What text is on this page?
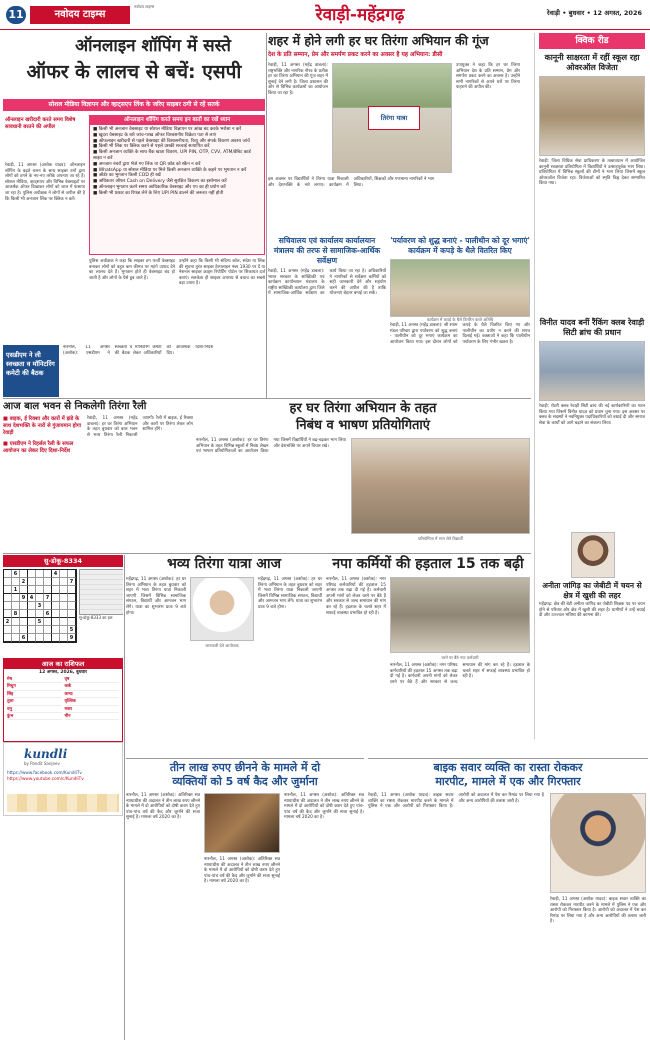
11	नवोदय टाइम्स
नवोदय टाइम्स	रेवाड़ी-महेंद्रगढ़	रेवाड़ी • बुधवार • 12 अगस्त, 2026
ऑनलाइन शॉपिंग में सस्ते
ऑफर के लालच से बचें: एसपी
सोशल मीडिया विज्ञापन और व्हाट्सएप लिंक के जरिए साइबर ठगी से रहें सतर्क
ऑनलाइन खरीदारी करते समय विशेष सावधानी बरतने की अपील
रेवाड़ी, 11 अगस्त (अशोक यादव): ऑनलाइन शॉपिंग के बढ़ते चलन के साथ साइबर ठगों द्वारा लोगों को ठगने के नए-नए तरीके अपनाए जा रहे हैं। सोशल मीडिया, व्हाट्सएप और विभिन्न वेबसाइटों पर आकर्षक ऑफर दिखाकर लोगों को जाल में फंसाया जा रहा है। पुलिस अधीक्षक ने लोगों से अपील की है कि किसी भी अनजान लिंक पर क्लिक न करें।
ऑनलाइन शॉपिंग करते समय इन बातों का रखें ध्यान
■ किसी भी अनजान वेबसाइट या सोशल मीडिया विज्ञापन पर आंख बंद करके भरोसा न करें
■ खुदरा वेबसाइट के बारे जांच-परख ऑफर विश्वसनीय विक्रेता पता से लाएं
■ ऑफलाइन खरीदारी से पहले वेबसाइट की विश्वसनीयता, रिव्यू और संपर्क विवरण अवश्य जांचें
■ किसी भी लिंक पर क्लिक करने से पहले उसकी सच्चाई सत्यापित करें
■ किसी अनजान व्यक्ति के साथ बैंक खाता विवरण, UPI PIN, OTP, CVV, ATM/डेबिट कार्ड साझा न करें
■ अनजान नंबरों द्वारा भेजे गए लिंक या QR कोड को स्कैन न करें
■ WhatsApp या सोशल मीडिया पर मिले किसी अनजान व्यक्ति के कहने पर भुगतान न करें
■ ऑर्डर का भुगतान किसी COD ही रखें
■ अधिकतर ऑफर Cash on Delivery जैसे सुरक्षित विकल्प का इस्तेमाल करें
■ ऑनलाइन भुगतान करने समय आधिकारिक वेबसाइट और एप का ही प्रयोग करें
■ किसी भी प्रकार का रिफंड लेने के लिए UPI PIN डालने की जरूरत नहीं होती
पुलिस अधीक्षक ने कहा कि साइबर ठग फर्जी वेबसाइट बनाकर लोगों को बहुत कम कीमत पर महंगे उत्पाद देने का लालच देते हैं। भुगतान होते ही वेबसाइट बंद हो जाती है और लोगों के पैसे डूब जाते हैं।
उन्होंने कहा कि किसी भी संदिग्ध कॉल, संदेश या लिंक की सूचना तुरंत साइबर हेल्पलाइन नंबर 1930 पर दें या नेशनल साइबर क्राइम रिपोर्टिंग पोर्टल पर शिकायत दर्ज कराएं। सतर्कता ही साइबर अपराध से बचाव का सबसे बड़ा उपाय है।
एसडीएम ने ली स्वच्छता व मॉनिटरिंग कमेटी की बैठक
नारनौल, 11 अगस्त (अशोक): एसडीएम ने स्वच्छता व मॉनिटरिंग कमेटी की बैठक लेकर अधिकारियों को आवश्यक दिशा-निर्देश दिए।
शहर में होने लगी हर घर तिरंगा अभियान की गूंज
देश के प्रति सम्मान, प्रेम और समर्पण प्रकट करने का अवसर है यह अभियान: डीसी
रेवाड़ी, 11 अगस्त (महेंद्र डाबला): राष्ट्रभक्ति और नागरिक गौरव के प्रतीक हर घर तिरंगा अभियान की गूंज शहर में सुनाई देने लगी है। जिला प्रशासन की ओर से विभिन्न कार्यक्रमों का आयोजन किया जा रहा है।
तिरंगा यात्रा
उपायुक्त ने कहा कि हर घर तिरंगा अभियान देश के प्रति सम्मान, प्रेम और समर्पण प्रकट करने का अवसर है। उन्होंने सभी नागरिकों से अपने घरों पर तिरंगा फहराने की अपील की।
इस अवसर पर विद्यार्थियों ने तिरंगा यात्रा निकाली और देशभक्ति के नारे लगाए। कार्यक्रम में अधिकारियों, शिक्षकों और गणमान्य नागरिकों ने भाग लिया।
सचिवालय एवं कार्यालय कार्यालयान मंत्रालय की तरफ से सामाजिक-आर्थिक सर्वेक्षण
रेवाड़ी, 11 अगस्त (महेंद्र डाबला): भारत सरकार के सांख्यिकी एवं कार्यक्रम कार्यान्वयन मंत्रालय के राष्ट्रीय सांख्यिकी कार्यालय द्वारा जिले में सामाजिक-आर्थिक सर्वेक्षण का कार्य किया जा रहा है। अधिकारियों ने नागरिकों से सर्वेक्षण कर्मियों को सही जानकारी देने और सहयोग करने की अपील की है ताकि योजनाएं बेहतर बनाई जा सकें।
'पर्यावरण को शुद्ध बनाएं - पालीथीन को दूर भगाएं' कार्यक्रम में कपड़े के थैले वितरित किए
कार्यक्रम में कपड़े के थैले वितरित करते अतिथि
रेवाड़ी, 11 अगस्त (महेंद्र डाबला): श्री श्याम मंडल परिवार द्वारा पर्यावरण को शुद्ध बनाएं - पालीथीन को दूर भगाएं कार्यक्रम का आयोजन किया गया। इस दौरान लोगों को कपड़े के थैले वितरित किए गए और पालीथीन का प्रयोग न करने की शपथ दिलाई गई। वक्ताओं ने कहा कि पालीथीन पर्यावरण के लिए गंभीर खतरा है।
क्विक रीड
कानूनी साक्षरता में रहीं स्कूल रहा ओवरऑल विजेता
रेवाड़ी: जिला विधिक सेवा प्राधिकरण के तत्वावधान में आयोजित कानूनी साक्षरता प्रतियोगिता में विद्यार्थियों ने उत्साहपूर्वक भाग लिया। प्रतियोगिता में विभिन्न स्कूलों की टीमों ने भाग लिया जिसमें स्कूल ओवरऑल विजेता रहा। विजेताओं को स्मृति चिह्न देकर सम्मानित किया गया।
विनीत यादव बनीं रैंकिंग क्लब रेवाड़ी सिटी ब्रांच की प्रधान
रेवाड़ी: रोटरी क्लब रेवाड़ी सिटी ब्रांच की नई कार्यकारिणी का गठन किया गया जिसमें विनीत यादव को प्रधान चुना गया। इस अवसर पर क्लब के सदस्यों ने नवनियुक्त पदाधिकारियों को बधाई दी और समाज सेवा के कार्यों को आगे बढ़ाने का संकल्प लिया।
अनीता जांगिड़ का जेबीटी में चयन से क्षेत्र में खुशी की लहर
महेंद्रगढ़: क्षेत्र की बेटी अनीता जांगिड़ का जेबीटी शिक्षक पद पर चयन होने से परिवार और क्षेत्र में खुशी की लहर है। ग्रामीणों ने उन्हें बधाई दी और उज्ज्वल भविष्य की कामना की।
आज बाल भवन से निकलेगी तिरंगा रैली
■ बाइक, ई रिक्शा और कारों में झंडे के साथ देशभक्ति के नारों से गुंजायमान होगा रेवाड़ी
■ एसडीएम ने रिहर्सल रैली के सफल आयोजन का लेकर दिए दिशा-निर्देश
रेवाड़ी, 11 अगस्त (महेंद्र डाबला): हर घर तिरंगा अभियान के तहत बुधवार को बाल भवन से भव्य तिरंगा रैली निकाली जाएगी। रैली में बाइक, ई रिक्शा और कारों पर तिरंगा लेकर लोग शामिल होंगे।
हर घर तिरंगा अभियान के तहत
निबंध व भाषण प्रतियोगिताएं
नारनौल, 11 अगस्त (अशोक): हर घर तिरंगा अभियान के तहत विभिन्न स्कूलों में निबंध लेखन एवं भाषण प्रतियोगिताओं का आयोजन किया गया जिसमें विद्यार्थियों ने बढ़-चढ़कर भाग लिया और देशभक्ति पर अपने विचार रखे।
प्रतियोगिता में भाग लेते विद्यार्थी
सु-डोकू-8334
6	4
2	7
1
9 4	7
3
8	6
2	5
5
6	9
सु-डोकू-8333 का हल
आज का राशिफल
12 अगस्त, 2026, बुधवार
मेष	वृष
मिथुन	कर्क
सिंह	कन्या
तुला	वृश्चिक
धनु	मकर
कुंभ	मीन
kundli
by Pandit Sanjeev
https://www.facebook.com/KundliTv
https://www.youtube.com/c/KundliTv
भव्य तिरंगा यात्रा आज
महेंद्रगढ़, 11 अगस्त (अशोक): हर घर तिरंगा अभियान के तहत बुधवार को शहर में भव्य तिरंगा यात्रा निकाली जाएगी जिसमें विभिन्न सामाजिक संगठन, विद्यार्थी और आमजन भाग लेंगे। यात्रा का शुभारंभ प्रातः 9 बजे होगा।
जानकारी देते आयोजक
महेंद्रगढ़, 11 अगस्त (अशोक): हर घर तिरंगा अभियान के तहत बुधवार को शहर में भव्य तिरंगा यात्रा निकाली जाएगी जिसमें विभिन्न सामाजिक संगठन, विद्यार्थी और आमजन भाग लेंगे। यात्रा का शुभारंभ प्रातः 9 बजे होगा।
नपा कर्मियों की हड़ताल 15 तक बढ़ी
नारनौल, 11 अगस्त (अशोक): नगर परिषद कर्मचारियों की हड़ताल 15 अगस्त तक बढ़ा दी गई है। कर्मचारी अपनी मांगों को लेकर धरने पर बैठे हैं और सरकार से जल्द समाधान की मांग कर रहे हैं। हड़ताल के चलते शहर में सफाई व्यवस्था प्रभावित हो रही है।
धरने पर बैठे नपा कर्मचारी
नारनौल, 11 अगस्त (अशोक): नगर परिषद कर्मचारियों की हड़ताल 15 अगस्त तक बढ़ा दी गई है। कर्मचारी अपनी मांगों को लेकर धरने पर बैठे हैं और सरकार से जल्द समाधान की मांग कर रहे हैं। हड़ताल के चलते शहर में सफाई व्यवस्था प्रभावित हो रही है।
तीन लाख रुपए छीनने के मामले में दो
व्यक्तियों को 5 वर्ष कैद और जुर्माना
नारनौल, 11 अगस्त (अशोक): अतिरिक्त सत्र न्यायाधीश की अदालत ने तीन लाख रुपए छीनने के मामले में दो आरोपियों को दोषी करार देते हुए पांच-पांच वर्ष की कैद और जुर्माने की सजा सुनाई है। मामला वर्ष 2020 का है।
नारनौल, 11 अगस्त (अशोक): अतिरिक्त सत्र न्यायाधीश की अदालत ने तीन लाख रुपए छीनने के मामले में दो आरोपियों को दोषी करार देते हुए पांच-पांच वर्ष की कैद और जुर्माने की सजा सुनाई है। मामला वर्ष 2020 का है।
नारनौल, 11 अगस्त (अशोक): अतिरिक्त सत्र न्यायाधीश की अदालत ने तीन लाख रुपए छीनने के मामले में दो आरोपियों को दोषी करार देते हुए पांच-पांच वर्ष की कैद और जुर्माने की सजा सुनाई है। मामला वर्ष 2020 का है।
बाइक सवार व्यक्ति का रास्ता रोककर
मारपीट, मामले में एक और गिरफ्तार
रेवाड़ी, 11 अगस्त (अशोक यादव): बाइक सवार व्यक्ति का रास्ता रोककर मारपीट करने के मामले में पुलिस ने एक और आरोपी को गिरफ्तार किया है। आरोपी को अदालत में पेश कर रिमांड पर लिया गया है और अन्य आरोपियों की तलाश जारी है।
रेवाड़ी, 11 अगस्त (अशोक यादव): बाइक सवार व्यक्ति का रास्ता रोककर मारपीट करने के मामले में पुलिस ने एक और आरोपी को गिरफ्तार किया है। आरोपी को अदालत में पेश कर रिमांड पर लिया गया है और अन्य आरोपियों की तलाश जारी है।
